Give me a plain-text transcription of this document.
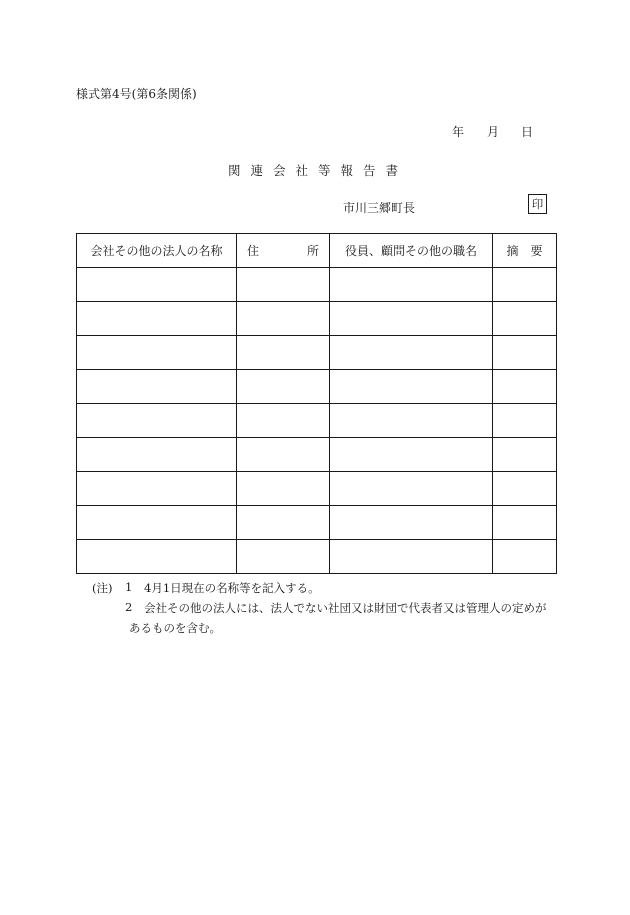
様式第4号(第6条関係)
年 月 日
関連会社等報告書
市川三郷町長	印
会社その他の法人の名称	住 所	役員、顧問その他の職名	摘要

(注) 1 4月1日現在の名称等を記入する。
2 会社その他の法人には、法人でない社団又は財団で代表者又は管理人の定めが
あるものを含む。
